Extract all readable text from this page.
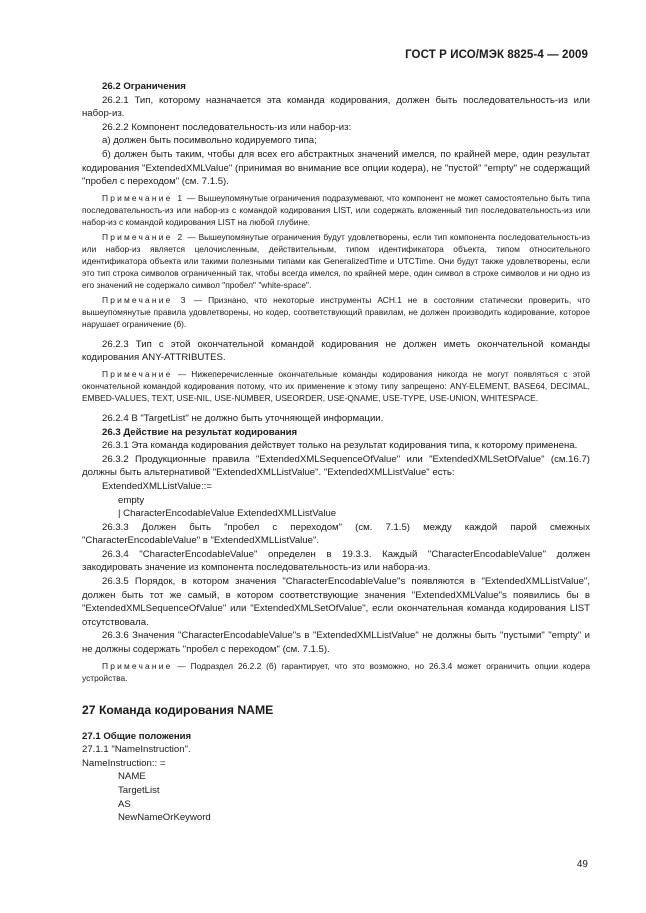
ГОСТ Р ИСО/МЭК 8825-4 — 2009

26.2 Ограничения

26.2.1 Тип, которому назначается эта команда кодирования, должен быть последовательность-из или набор-из.

26.2.2 Компонент последовательность-из или набор-из:

а) должен быть посимвольно кодируемого типа;

б) должен быть таким, чтобы для всех его абстрактных значений имелся, по крайней мере, один результат кодирования "ExtendedXMLValue" (принимая во внимание все опции кодера), не "пустой" "empty" не содержащий "пробел с переходом" (см. 7.1.5).

Примечание 1 — Вышеупомянутые ограничения подразумевают, что компонент не может самостоятельно быть типа последовательность-из или набор-из с командой кодирования LIST, или содержать вложенный тип последовательность-из или набор-из с командой кодирования LIST на любой глубине.

Примечание 2 — Вышеупомянутые ограничения будут удовлетворены, если тип компонента последовательность-из или набор-из является целочисленным, действительным, типом идентификатора объекта, типом относительного идентификатора объекта или такими полезными типами как GeneralizedTime и UTCTime. Они будут также удовлетворены, если это тип строка символов ограниченный так, чтобы всегда имелся, по крайней мере, один символ в строке символов и ни одно из его значений не содержало символ "пробел" "white-space".

Примечание 3 — Признано, что некоторые инструменты АСН.1 не в состоянии статически проверить, что вышеупомянутые правила удовлетворены, но кодер, соответствующий правилам, не должен производить кодирование, которое нарушает ограничение (б).

26.2.3 Тип с этой окончательной командой кодирования не должен иметь окончательной команды кодирования ANY-ATTRIBUTES.

Примечание — Нижеперечисленные окончательные команды кодирования никогда не могут появляться с этой окончательной командой кодирования потому, что их применение к этому типу запрещено: ANY-ELEMENT, BASE64, DECIMAL, EMBED-VALUES, TEXT, USE-NIL, USE-NUMBER, USEORDER, USE-QNAME, USE-TYPE, USE-UNION, WHITESPACE.

26.2.4 В "TargetList" не должно быть уточняющей информации.

26.3 Действие на результат кодирования

26.3.1 Эта команда кодирования действует только на результат кодирования типа, к которому применена.

26.3.2 Продукционные правила "ExtendedXMLSequenceOfValue" или "ExtendedXMLSetOfValue" (см.16.7) должны быть альтернативой "ExtendedXMLListValue". "ExtendedXMLListValue" есть:

ExtendedXMLListValue::=

empty

| CharacterEncodableValue ExtendedXMLListValue

26.3.3 Должен быть "пробел с переходом" (см. 7.1.5) между каждой парой смежных "CharacterEncodableValue" в "ExtendedXMLListValue".

26.3.4 "CharacterEncodableValue" определен в 19.3.3. Каждый "CharacterEncodableValue" должен закодировать значение из компонента последовательность-из или набора-из.

26.3.5 Порядок, в котором значения "CharacterEncodableValue"s появляются в "ExtendedXMLListValue", должен быть тот же самый, в котором соответствующие значения "ExtendedXMLValue"s появились бы в "ExtendedXMLSequenceOfValue" или "ExtendedXMLSetOfValue", если окончательная команда кодирования LIST отсутствовала.

26.3.6 Значения "CharacterEncodableValue"s в "ExtendedXMLListValue" не должны быть "пустыми" "empty" и не должны содержать "пробел с переходом" (см. 7.1.5).

Примечание — Подраздел 26.2.2 (б) гарантирует, что это возможно, но 26.3.4 может ограничить опции кодера устройства.

27 Команда кодирования NAME

27.1 Общие положения

27.1.1 "NameInstruction".

NameInstruction:: =

NAME

TargetList

AS

NewNameOrKeyword

49
